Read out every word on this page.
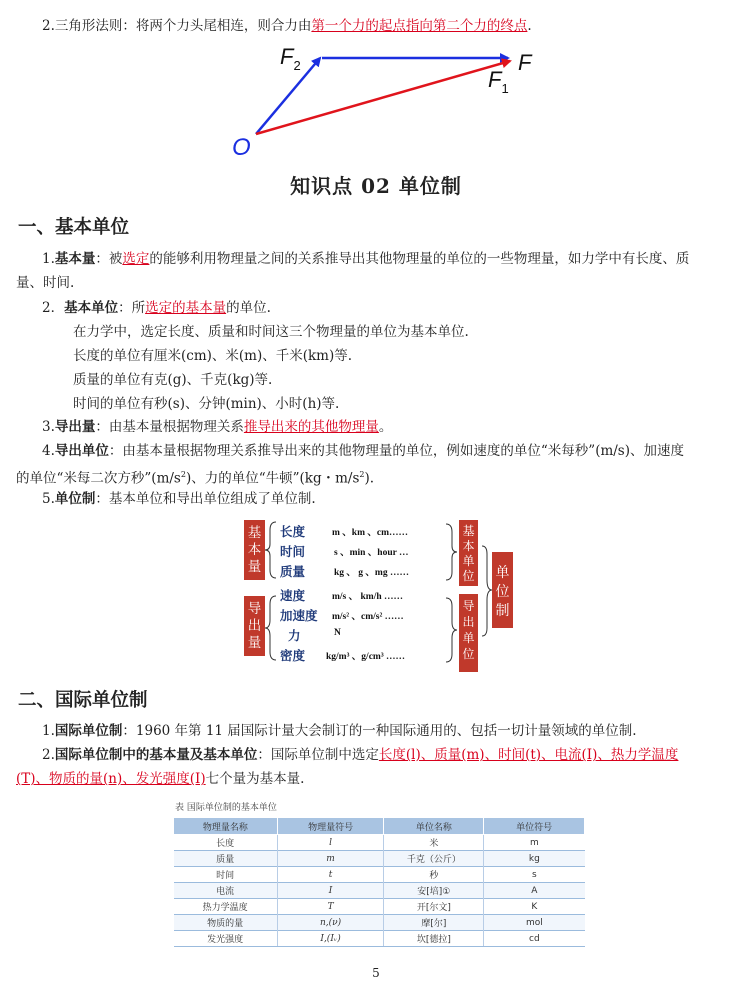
2.三角形法则：将两个力头尾相连，则合力由第一个力的起点指向第二个力的终点.
$F_2$
$F_1$
F
O
知识点 02 单位制
一、基本单位
1.基本量：被选定的能够利用物理量之间的关系推导出其他物理量的单位的一些物理量，如力学中有长度、质
量、时间.
2．基本单位：所选定的基本量的单位.
在力学中，选定长度、质量和时间这三个物理量的单位为基本单位.
长度的单位有厘米(cm)、米(m)、千米(km)等.
质量的单位有克(g)、千克(kg)等.
时间的单位有秒(s)、分钟(min)、小时(h)等.
3.导出量：由基本量根据物理关系推导出来的其他物理量。
4.导出单位：由基本量根据物理关系推导出来的其他物理量的单位，例如速度的单位“米每秒”(m/s)、加速度
的单位“米每二次方秒$”(m/s^2)$、力的单位“牛顿”(kg・$m/s^2$).
5.单位制：基本单位和导出单位组成了单位制.
基本量
导出量
基本单位
导出单位
单位制
长度
时间
质量
m 、km 、cm……
s 、min 、hour …
kg 、 g 、mg ……
速度
加速度
力
密度
m/s 、 km/h ……
m/s² 、cm/s² ……
N
kg/m³ 、g/cm³ ……
二、国际单位制
1.国际单位制：1960 年第 11 届国际计量大会制订的一种国际通用的、包括一切计量领域的单位制.
2.国际单位制中的基本量及基本单位：国际单位制中选定长度(l)、质量(m)、时间(t)、电流(I)、热力学温度
(T)、物质的量(n)、发光强度(I)七个量为基本量.
表 国际单位制的基本单位
物理量名称	物理量符号	单位名称	单位符号
长度	l	米	m
质量	m	千克（公斤）	kg
时间	t	秒	s
电流	I	安[培]①	A
热力学温度	T	开[尔文]	K
物质的量	n,(ν)	摩[尔]	mol
发光强度	I,(Iᵥ)	坎[德拉]	cd
5
